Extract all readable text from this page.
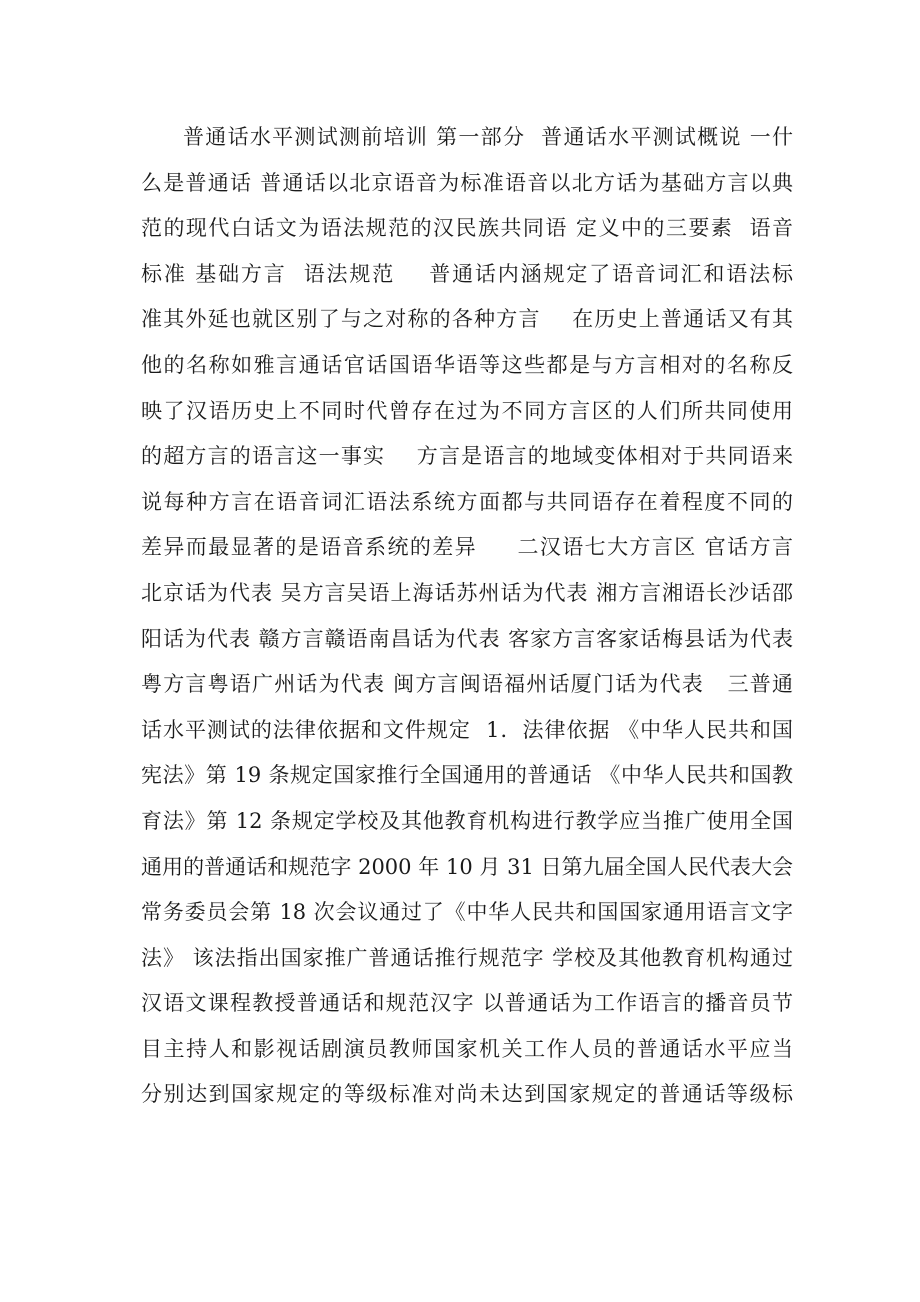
普通话水平测试测前培训 第一部分  普通话水平测试概说 一什
么是普通话 普通话以北京语音为标准语音以北方话为基础方言以典
范的现代白话文为语法规范的汉民族共同语 定义中的三要素  语音
标准 基础方言  语法规范    普通话内涵规定了语音词汇和语法标
准其外延也就区别了与之对称的各种方言    在历史上普通话又有其
他的名称如雅言通话官话国语华语等这些都是与方言相对的名称反
映了汉语历史上不同时代曾存在过为不同方言区的人们所共同使用
的超方言的语言这一事实    方言是语言的地域变体相对于共同语来
说每种方言在语音词汇语法系统方面都与共同语存在着程度不同的
差异而最显著的是语音系统的差异     二汉语七大方言区 官话方言
北京话为代表 吴方言吴语上海话苏州话为代表 湘方言湘语长沙话邵
阳话为代表 赣方言赣语南昌话为代表 客家方言客家话梅县话为代表
粤方言粤语广州话为代表 闽方言闽语福州话厦门话为代表   三普通
话水平测试的法律依据和文件规定  1．法律依据 《中华人民共和国
宪法》第 19 条规定国家推行全国通用的普通话 《中华人民共和国教
育法》第 12 条规定学校及其他教育机构进行教学应当推广使用全国
通用的普通话和规范字 2000 年 10 月 31 日第九届全国人民代表大会
常务委员会第 18 次会议通过了《中华人民共和国国家通用语言文字
法》 该法指出国家推广普通话推行规范字 学校及其他教育机构通过
汉语文课程教授普通话和规范汉字 以普通话为工作语言的播音员节
目主持人和影视话剧演员教师国家机关工作人员的普通话水平应当
分别达到国家规定的等级标准对尚未达到国家规定的普通话等级标
